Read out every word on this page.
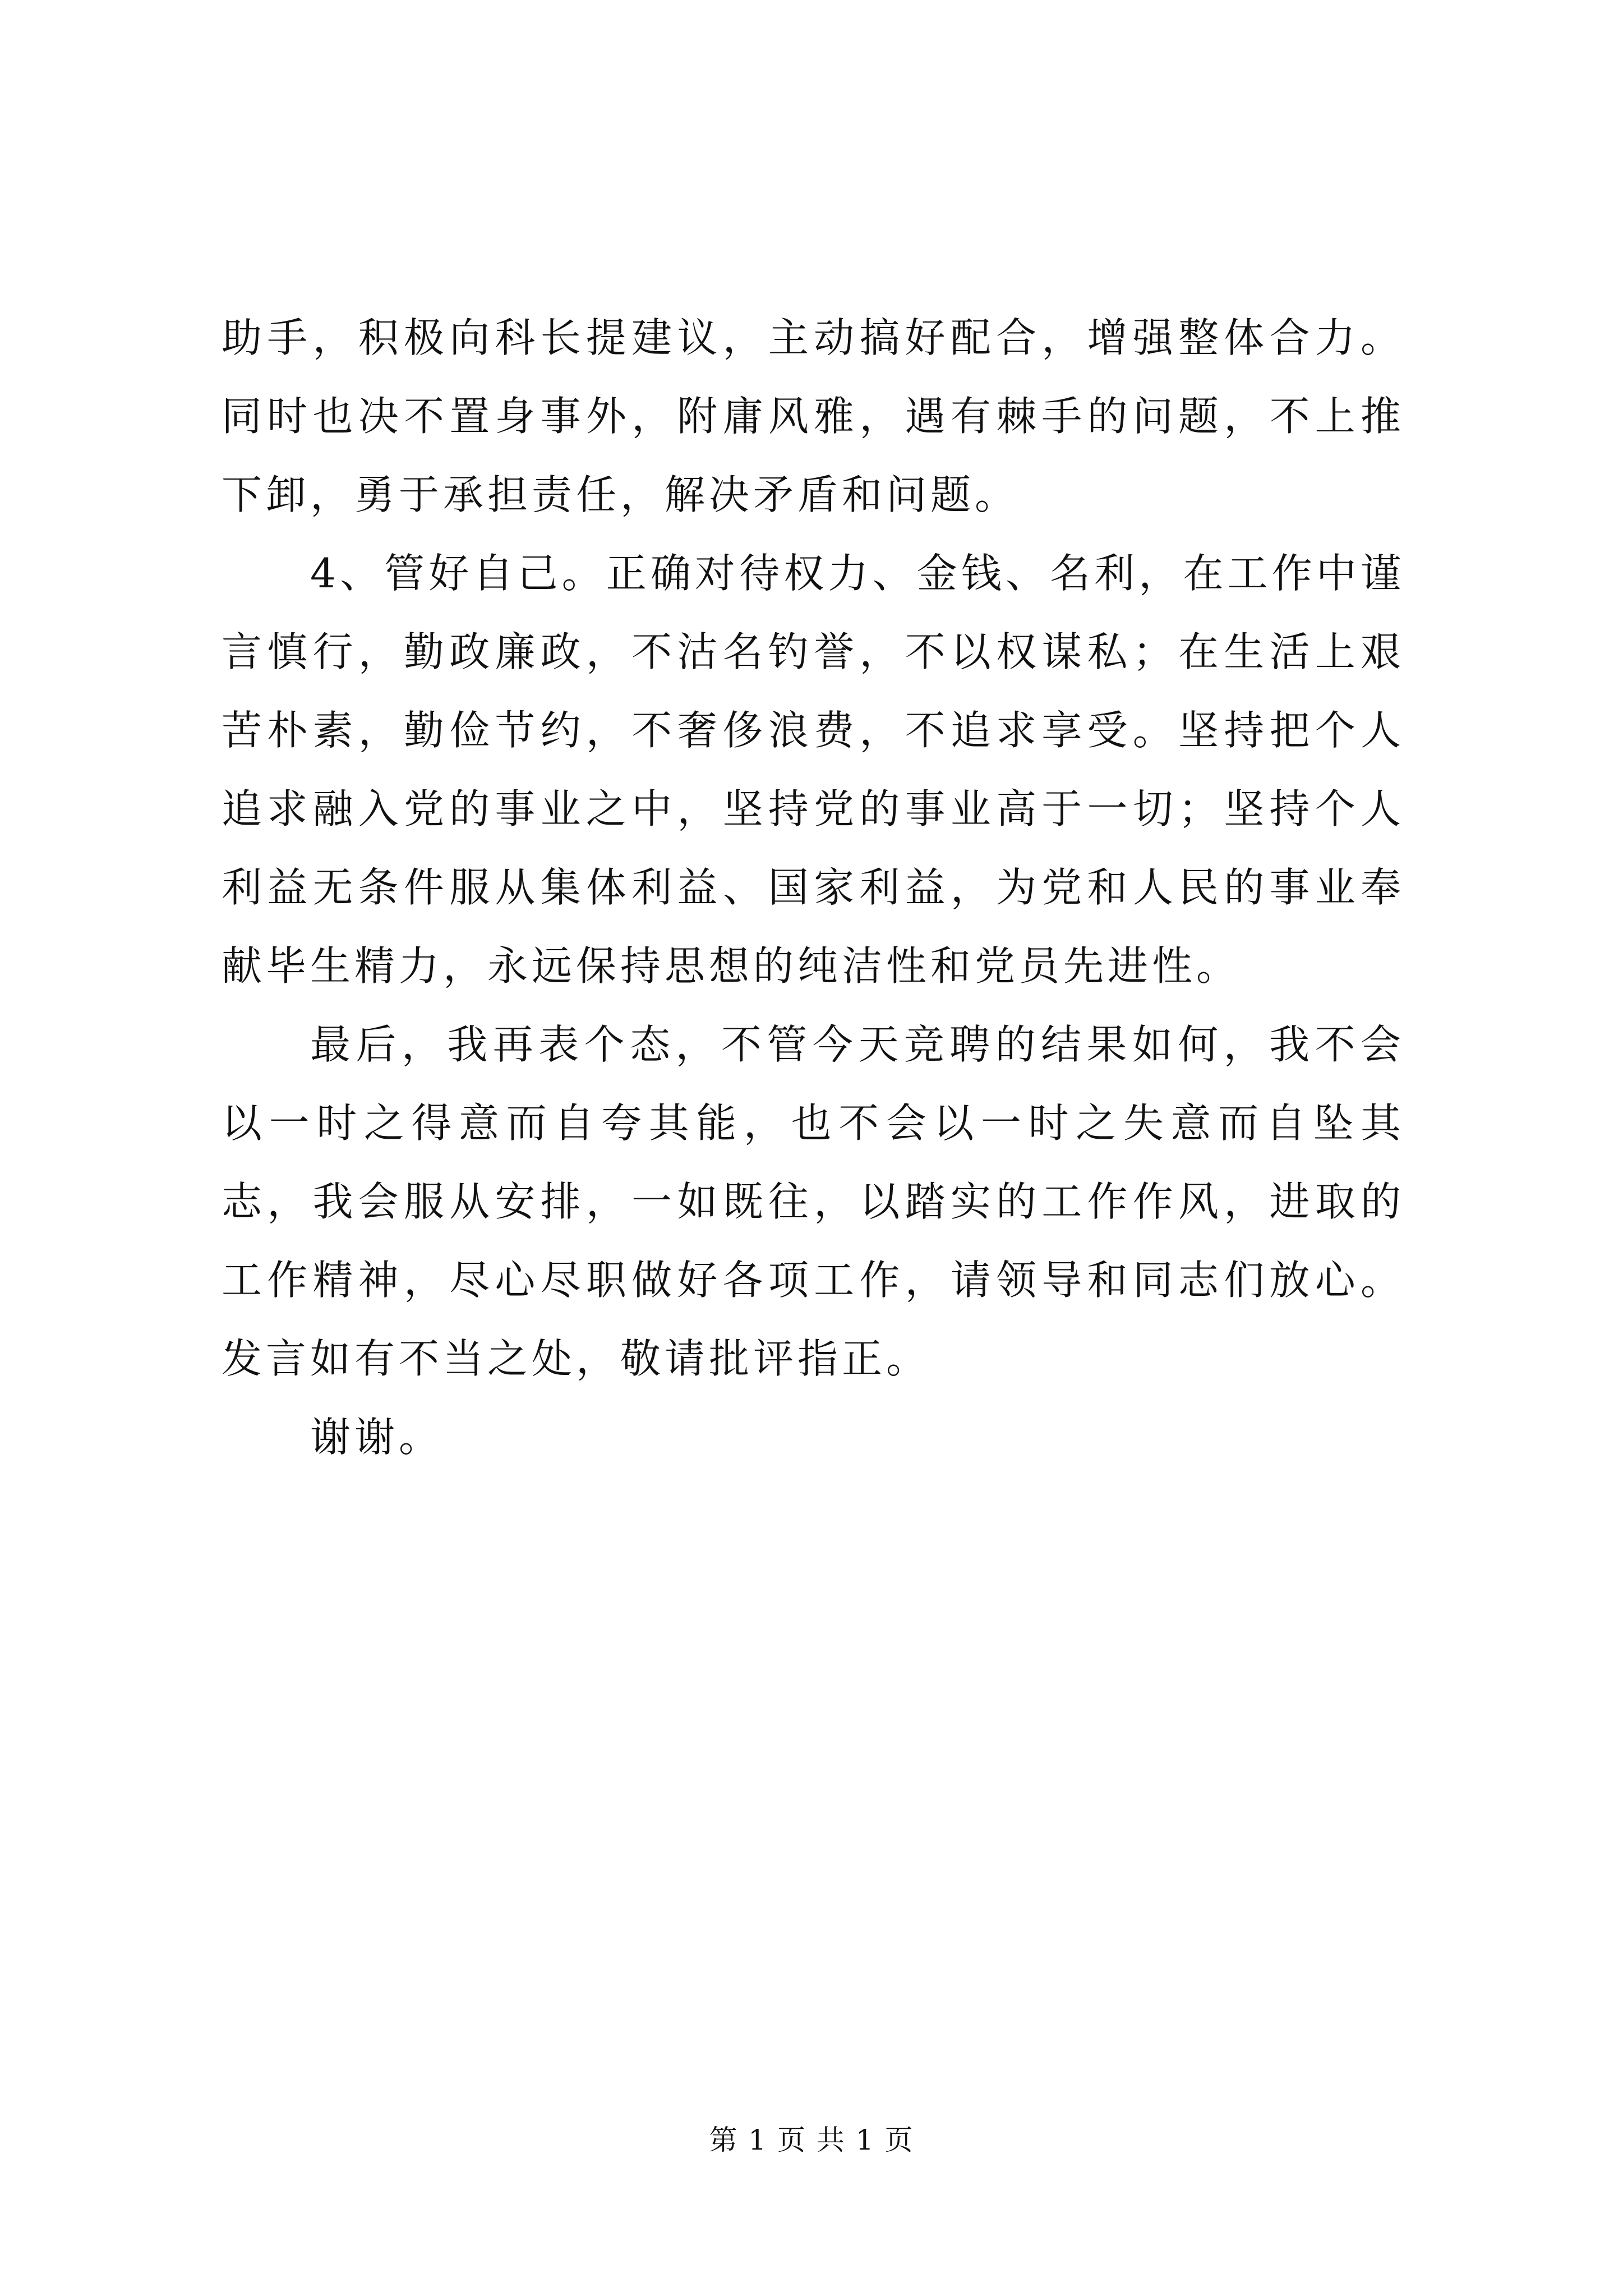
助手，积极向科长提建议，主动搞好配合，增强整体合力。同时也决不置身事外，附庸风雅，遇有棘手的问题，不上推下卸，勇于承担责任，解决矛盾和问题。

4、管好自己。正确对待权力、金钱、名利，在工作中谨言慎行，勤政廉政，不沽名钓誉，不以权谋私；在生活上艰苦朴素，勤俭节约，不奢侈浪费，不追求享受。坚持把个人追求融入党的事业之中，坚持党的事业高于一切；坚持个人利益无条件服从集体利益、国家利益，为党和人民的事业奉献毕生精力，永远保持思想的纯洁性和党员先进性。

最后，我再表个态，不管今天竞聘的结果如何，我不会以一时之得意而自夸其能，也不会以一时之失意而自坠其志，我会服从安排，一如既往，以踏实的工作作风，进取的工作精神，尽心尽职做好各项工作，请领导和同志们放心。发言如有不当之处，敬请批评指正。

谢谢。

第 1 页 共 1 页
